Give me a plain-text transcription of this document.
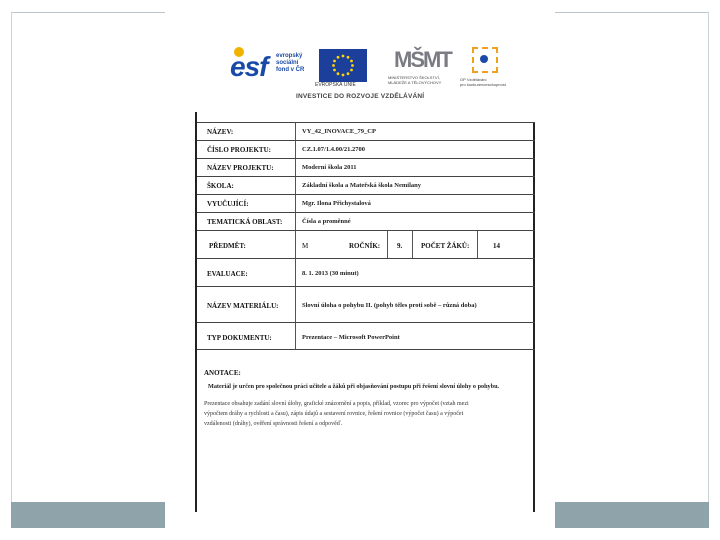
esf evropský
sociální
fond v ČR
EVROPSKÁ UNIE
MŠMT
MINISTERSTVO ŠKOLSTVÍ,
MLÁDEŽE A TĚLOVÝCHOVY
OP Vzdělávání
pro konkurenceschopnost
INVESTICE DO ROZVOJE VZDĚLÁVÁNÍ
NÁZEV:	VY_42_INOVACE_79_CP
ČÍSLO PROJEKTU:	CZ.1.07/1.4.00/21.2700
NÁZEV PROJEKTU:	Moderní škola 2011
ŠKOLA:	Základní škola a Mateřská škola Nemilany
VYUČUJÍCÍ:	Mgr. Ilona Přichystalová
TEMATICKÁ OBLAST:	Čísla a proměnné
PŘEDMĚT:	M	ROČNÍK: 9.	POČET ŽÁKŮ:	14
EVALUACE:	8. 1. 2013 (30 minut)
NÁZEV MATERIÁLU:	Slovní úloha o pohybu II. (pohyb těles proti sobě – různá doba)
TYP DOKUMENTU:	Prezentace – Microsoft PowerPoint
ANOTACE:
Materiál je určen pro společnou práci učitele a žáků při objasňování postupu při řešení slovní úlohy o pohybu.
Prezentace obsahuje zadání slovní úlohy, grafické znázornění a popis, příklad, vzorec pro výpočet (vztah mezi
výpočtem dráhy a rychlosti a času), zápis údajů a sestavení rovnice, řešení rovnice (výpočet času) a výpočet
vzdálenosti (dráhy), ověření správnosti řešení a odpověď.
